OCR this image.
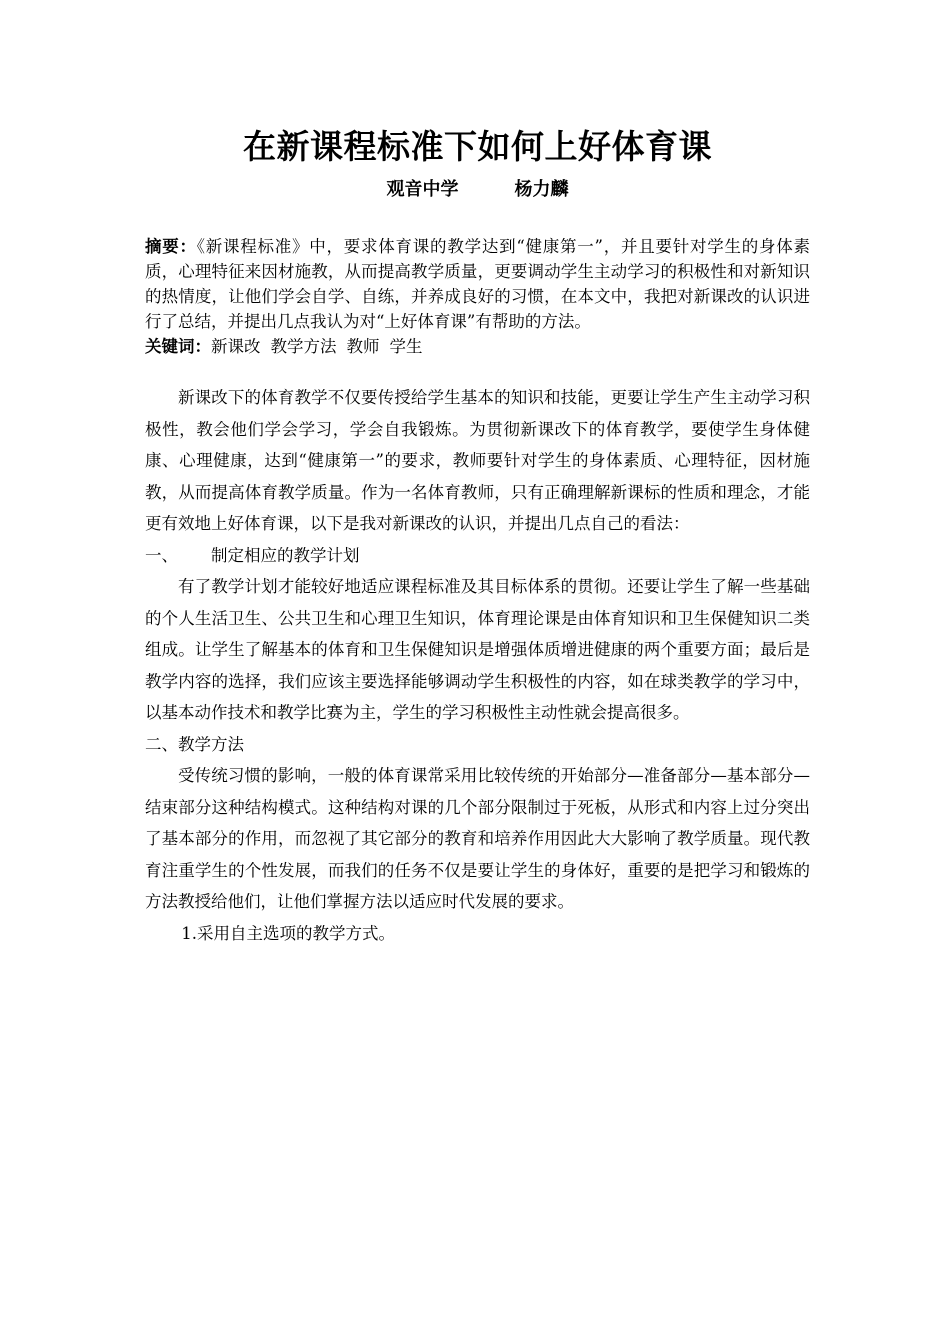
在新课程标准下如何上好体育课
观音中学	杨力麟

摘要：《新课程标准》中，要求体育课的教学达到“健康第一”，并且要针对学生的身体素质，心理特征来因材施教，从而提高教学质量，更要调动学生主动学习的积极性和对新知识的热情度，让他们学会自学、自练，并养成良好的习惯，在本文中，我把对新课改的认识进行了总结，并提出几点我认为对“上好体育课”有帮助的方法。

关键词：新课改 教学方法 教师 学生

新课改下的体育教学不仅要传授给学生基本的知识和技能，更要让学生产生主动学习积极性，教会他们学会学习，学会自我锻炼。为贯彻新课改下的体育教学，要使学生身体健康、心理健康，达到“健康第一”的要求，教师要针对学生的身体素质、心理特征，因材施教，从而提高体育教学质量。作为一名体育教师，只有正确理解新课标的性质和理念，才能更有效地上好体育课，以下是我对新课改的认识，并提出几点自己的看法：

一、 制定相应的教学计划

有了教学计划才能较好地适应课程标准及其目标体系的贯彻。还要让学生了解一些基础的个人生活卫生、公共卫生和心理卫生知识，体育理论课是由体育知识和卫生保健知识二类组成。让学生了解基本的体育和卫生保健知识是增强体质增进健康的两个重要方面；最后是教学内容的选择，我们应该主要选择能够调动学生积极性的内容，如在球类教学的学习中，以基本动作技术和教学比赛为主，学生的学习积极性主动性就会提高很多。

二、教学方法

受传统习惯的影响，一般的体育课常采用比较传统的开始部分—准备部分—基本部分—结束部分这种结构模式。这种结构对课的几个部分限制过于死板，从形式和内容上过分突出了基本部分的作用，而忽视了其它部分的教育和培养作用因此大大影响了教学质量。现代教育注重学生的个性发展，而我们的任务不仅是要让学生的身体好，重要的是把学习和锻炼的方法教授给他们，让他们掌握方法以适应时代发展的要求。

1.采用自主选项的教学方式。
